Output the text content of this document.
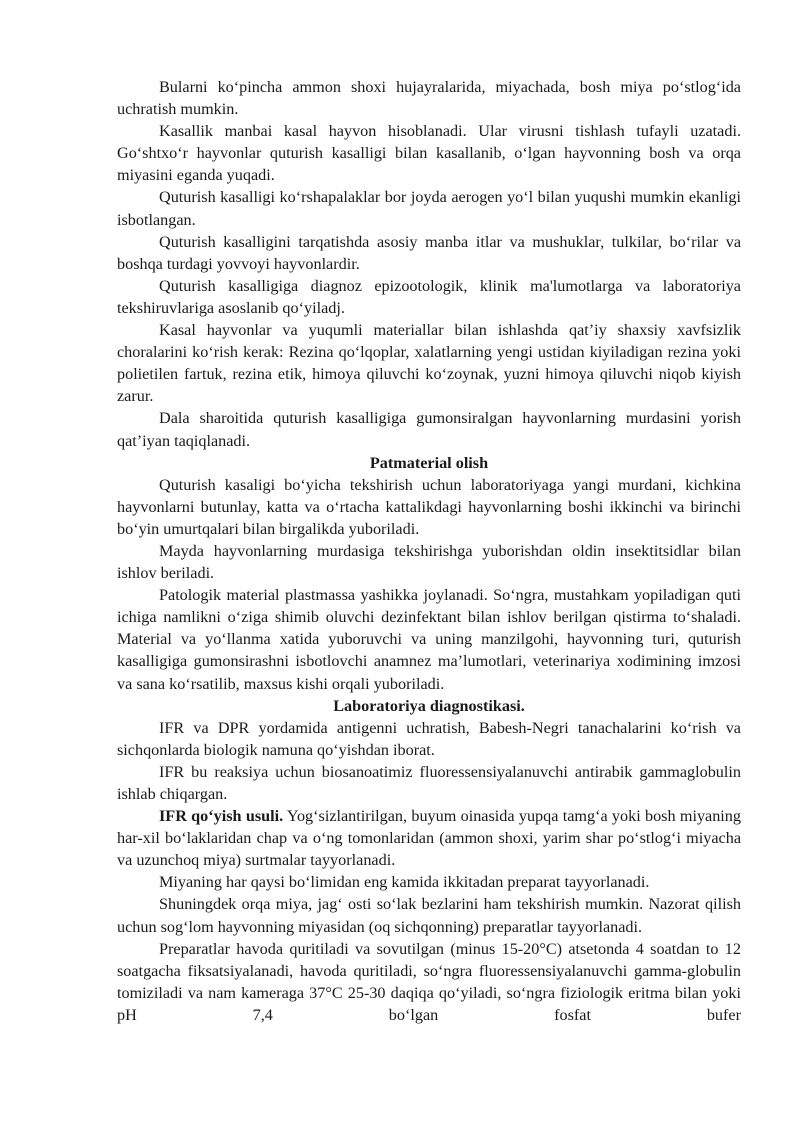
Bularni ko‘pincha ammon shoxi hujayralarida, miyachada, bosh miya po‘stlog‘ida uchratish mumkin.

Kasallik manbai kasal hayvon hisoblanadi. Ular virusni tishlash tufayli uzatadi. Go‘shtxo‘r hayvonlar quturish kasalligi bilan kasallanib, o‘lgan hayvonning bosh va orqa miyasini eganda yuqadi.

Quturish kasalligi ko‘rshapalaklar bor joyda aerogen yo‘l bilan yuqushi mumkin ekanligi isbotlangan.

Quturish kasalligini tarqatishda asosiy manba itlar va mushuklar, tulkilar, bo‘rilar va boshqa turdagi yovvoyi hayvonlardir.

Quturish kasalligiga diagnoz epizootologik, klinik ma'lumotlarga va laboratoriya tekshiruvlariga asoslanib qo‘yiladj.

Kasal hayvonlar va yuqumli materiallar bilan ishlashda qat’iy shaxsiy xavfsizlik choralarini ko‘rish kerak: Rezina qo‘lqoplar, xalatlarning yengi ustidan kiyiladigan rezina yoki polietilen fartuk, rezina etik, himoya qiluvchi ko‘zoynak, yuzni himoya qiluvchi niqob kiyish zarur.

Dala sharoitida quturish kasalligiga gumonsiralgan hayvonlarning murdasini yorish qat’iyan taqiqlanadi.

Patmaterial olish

Quturish kasaligi bo‘yicha tekshirish uchun laboratoriyaga yangi murdani, kichkina hayvonlarni butunlay, katta va o‘rtacha kattalikdagi hayvonlarning boshi ikkinchi va birinchi bo‘yin umurtqalari bilan birgalikda yuboriladi.

Mayda hayvonlarning murdasiga tekshirishga yuborishdan oldin insektitsidlar bilan ishlov beriladi.

Patologik material plastmassa yashikka joylanadi. So‘ngra, mustahkam yopiladigan quti ichiga namlikni o‘ziga shimib oluvchi dezinfektant bilan ishlov berilgan qistirma to‘shaladi. Material va yo‘llanma xatida yuboruvchi va uning manzilgohi, hayvonning turi, quturish kasalligiga gumonsirashni isbotlovchi anamnez ma’lumotlari, veterinariya xodimining imzosi va sana ko‘rsatilib, maxsus kishi orqali yuboriladi.

Laboratoriya diagnostikasi.

IFR va DPR yordamida antigenni uchratish, Babesh-Negri tanachalarini ko‘rish va sichqonlarda biologik namuna qo‘yishdan iborat.

IFR bu reaksiya uchun biosanoatimiz fluoressensiyalanuvchi antirabik gammaglobulin ishlab chiqargan.

IFR qo‘yish usuli. Yog‘sizlantirilgan, buyum oinasida yupqa tamg‘a yoki bosh miyaning har-xil bo‘laklaridan chap va o‘ng tomonlaridan (ammon shoxi, yarim shar po‘stlog‘i miyacha va uzunchoq miya) surtmalar tayyorlanadi.

Miyaning har qaysi bo‘limidan eng kamida ikkitadan preparat tayyorlanadi.

Shuningdek orqa miya, jag‘ osti so‘lak bezlarini ham tekshirish mumkin. Nazorat qilish uchun sog‘lom hayvonning miyasidan (oq sichqonning) preparatlar tayyorlanadi.

Preparatlar havoda quritiladi va sovutilgan (minus 15-20°C) atsetonda 4 soatdan to 12 soatgacha fiksatsiyalanadi, havoda quritiladi, so‘ngra fluoressensiyalanuvchi gamma-globulin tomiziladi va nam kameraga 37°C 25-30 daqiqa qo‘yiladi, so‘ngra fiziologik eritma bilan yoki pH 7,4 bo‘lgan fosfat bufer
